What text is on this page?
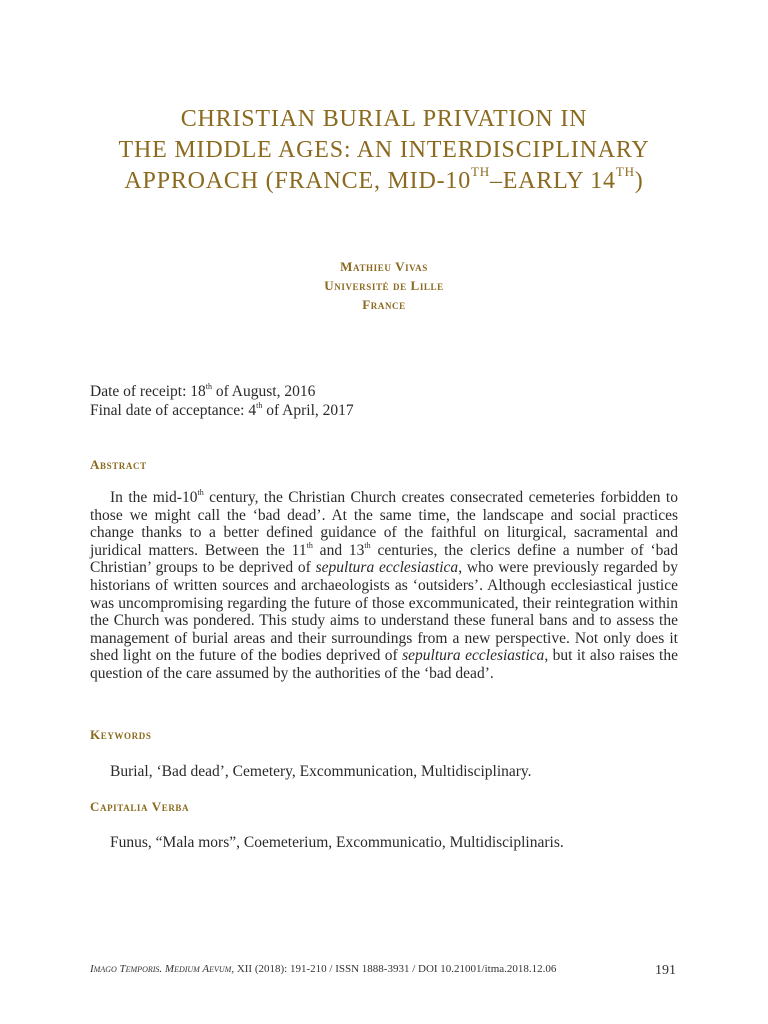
CHRISTIAN BURIAL PRIVATION IN
THE MIDDLE AGES: AN INTERDISCIPLINARY
APPROACH (FRANCE, MID-10TH–EARLY 14TH)
Mathieu Vivas
Université de Lille
France
Date of receipt: 18th of August, 2016
Final date of acceptance: 4th of April, 2017
Abstract

In the mid-10th century, the Christian Church creates consecrated cemeteries forbidden to those we might call the ‘bad dead’. At the same time, the landscape and social practices change thanks to a better defined guidance of the faithful on liturgical, sacramental and juridical matters. Between the 11th and 13th centuries, the clerics define a number of ‘bad Christian’ groups to be deprived of sepultura ecclesiastica, who were previously regarded by historians of written sources and archaeologists as ‘outsiders’. Although ecclesiastical justice was uncompromising regarding the future of those excommunicated, their reintegration within the Church was pondered. This study aims to understand these funeral bans and to assess the management of burial areas and their surroundings from a new perspective. Not only does it shed light on the future of the bodies deprived of sepultura ecclesiastica, but it also raises the question of the care assumed by the authorities of the ‘bad dead’.

Keywords

Burial, ‘Bad dead’, Cemetery, Excommunication, Multidisciplinary.

Capitalia Verba

Funus, “Mala mors”, Coemeterium, Excommunicatio, Multidisciplinaris.

Imago Temporis. Medium Aevum, XII (2018): 191-210 / ISSN 1888-3931 / DOI 10.21001/itma.2018.12.06	191
